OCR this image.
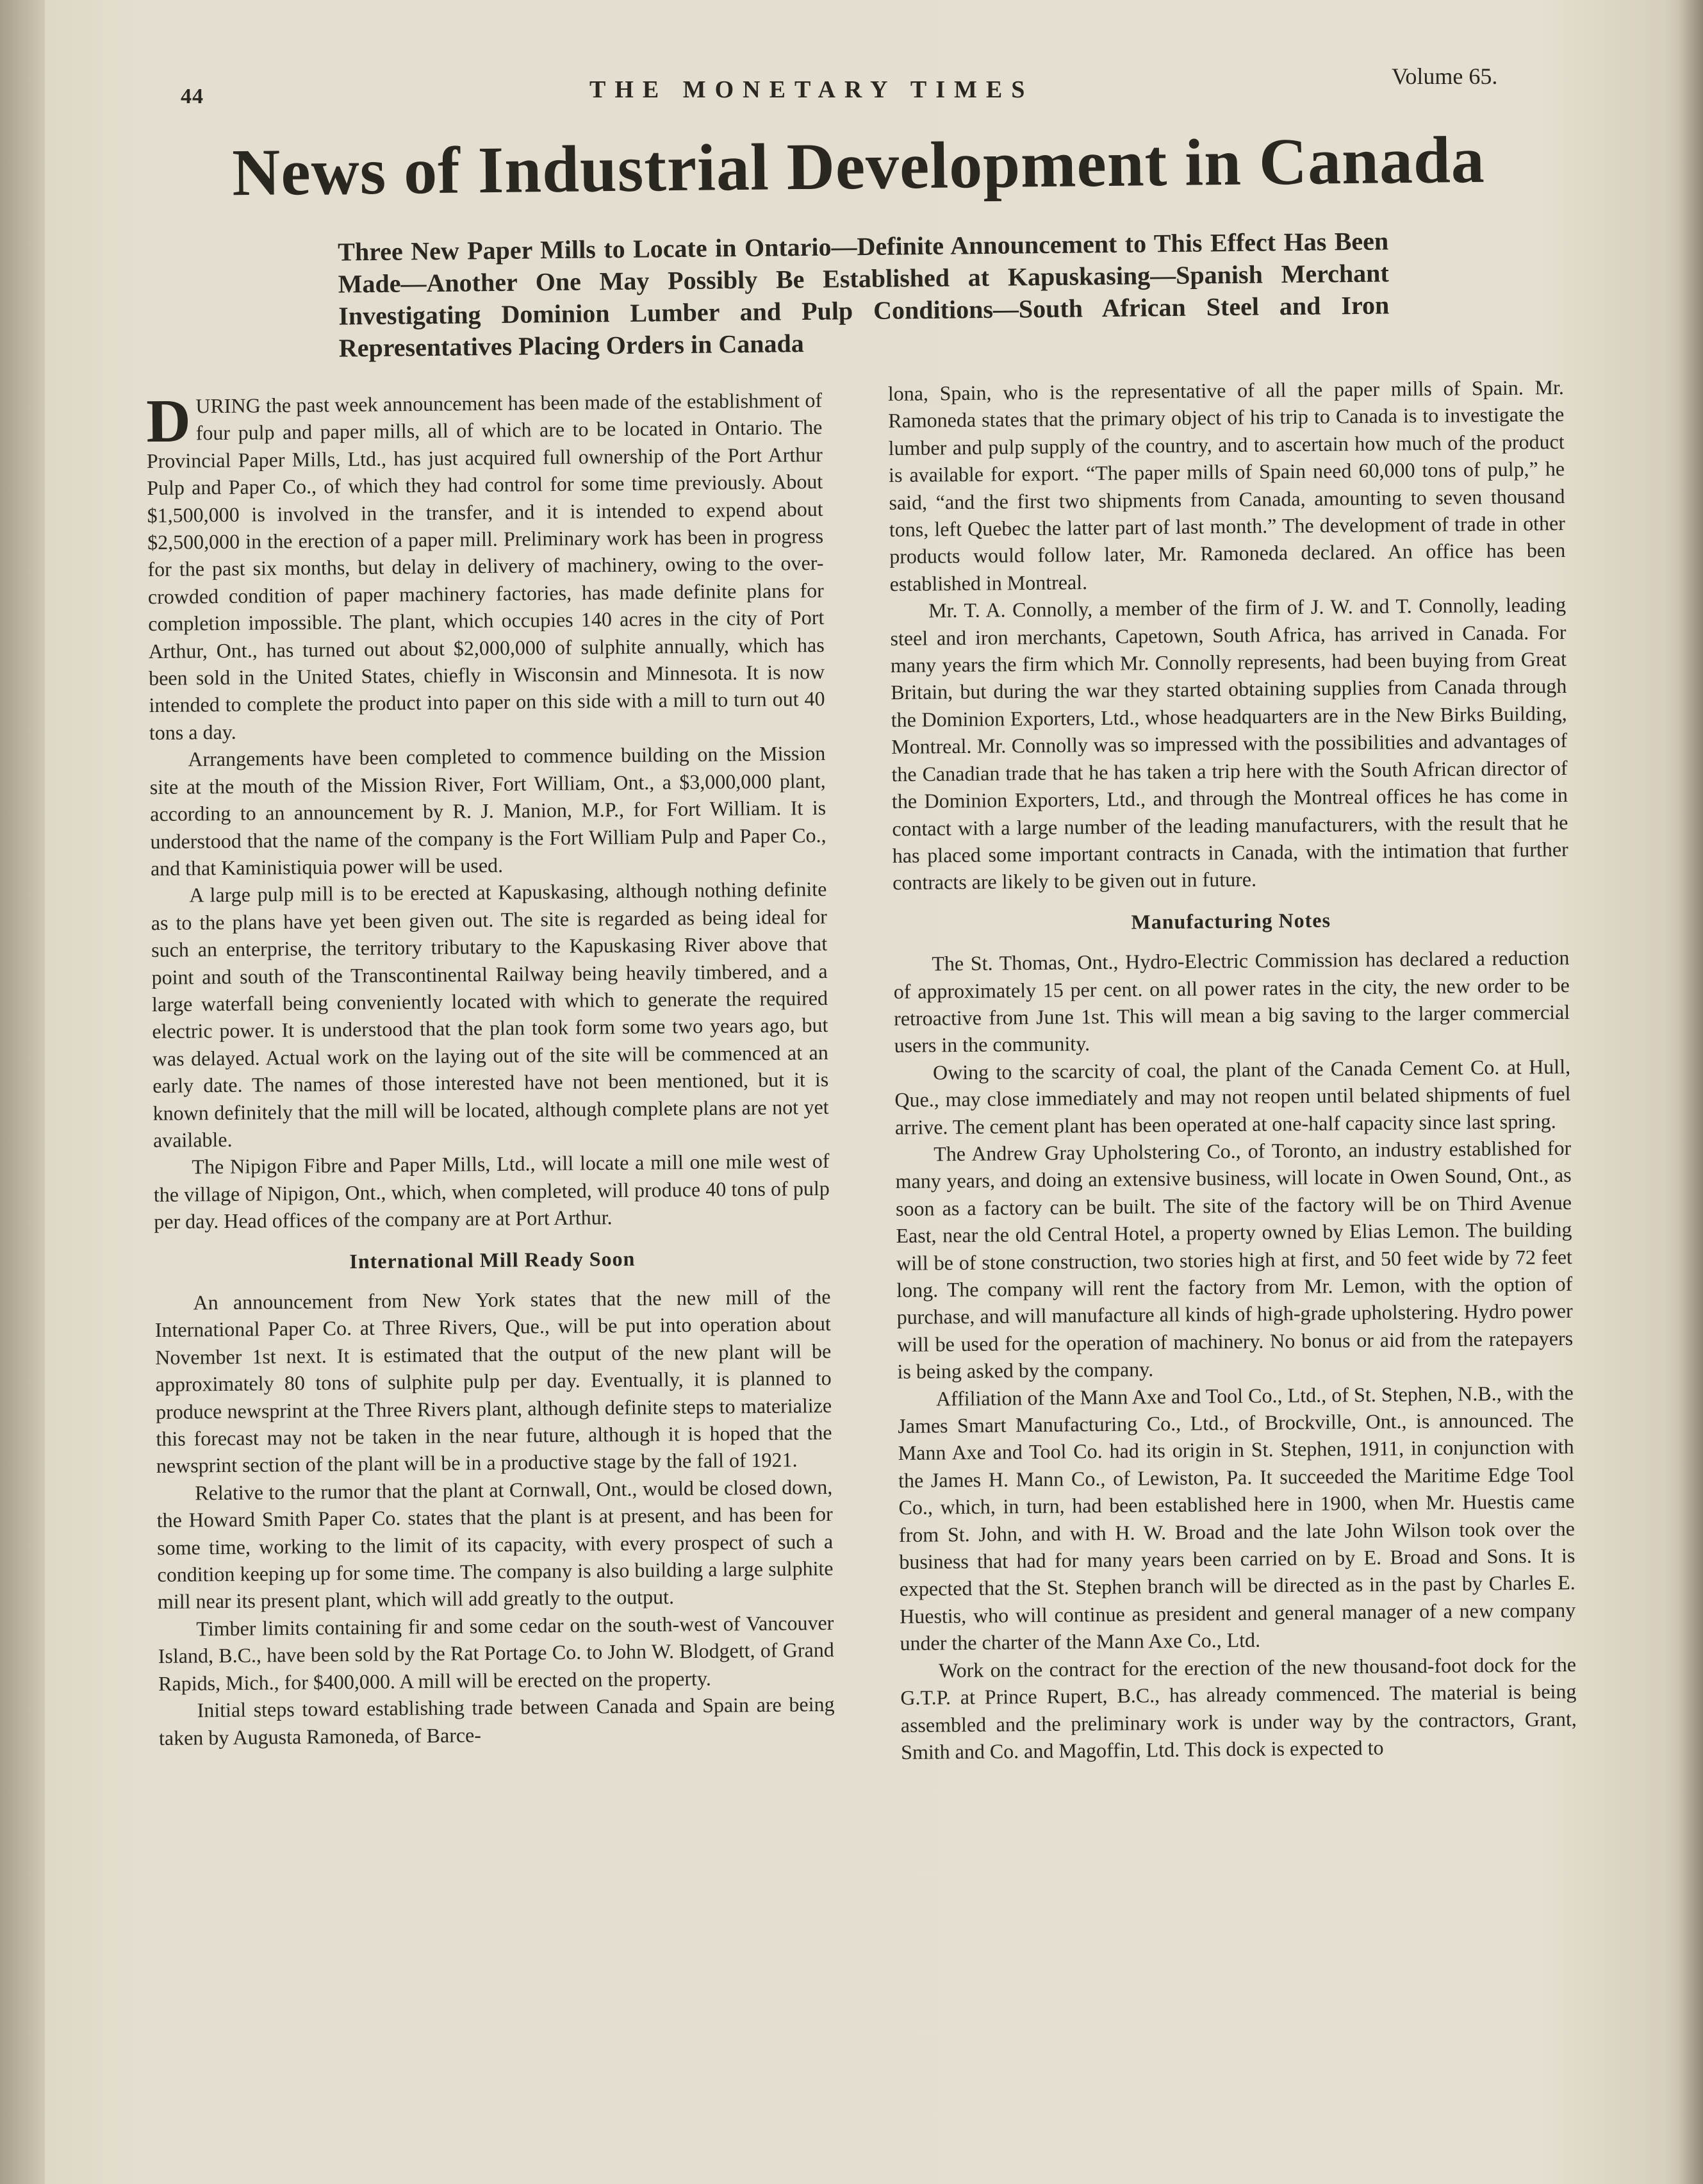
44	THE MONETARY TIMES	Volume 65.
News of Industrial Development in Canada

Three New Paper Mills to Locate in Ontario—Definite Announcement to This Effect Has Been Made—Another One May Possibly Be Established at Kapuskasing—Spanish Merchant Investigating Dominion Lumber and Pulp Conditions—South African Steel and Iron Representatives Placing Orders in Canada

DURING the past week announcement has been made of the establishment of four pulp and paper mills, all of which are to be located in Ontario. The Provincial Paper Mills, Ltd., has just acquired full ownership of the Port Arthur Pulp and Paper Co., of which they had control for some time previously. About $1,500,000 is involved in the transfer, and it is intended to expend about $2,500,000 in the erection of a paper mill. Preliminary work has been in progress for the past six months, but delay in delivery of machinery, owing to the over-crowded condition of paper machinery factories, has made definite plans for completion impossible. The plant, which occupies 140 acres in the city of Port Arthur, Ont., has turned out about $2,000,000 of sulphite annually, which has been sold in the United States, chiefly in Wisconsin and Minnesota. It is now intended to complete the product into paper on this side with a mill to turn out 40 tons a day.

Arrangements have been completed to commence building on the Mission site at the mouth of the Mission River, Fort William, Ont., a $3,000,000 plant, according to an announcement by R. J. Manion, M.P., for Fort William. It is understood that the name of the company is the Fort William Pulp and Paper Co., and that Kaministiquia power will be used.

A large pulp mill is to be erected at Kapuskasing, although nothing definite as to the plans have yet been given out. The site is regarded as being ideal for such an enterprise, the territory tributary to the Kapuskasing River above that point and south of the Transcontinental Railway being heavily timbered, and a large waterfall being conveniently located with which to generate the required electric power. It is understood that the plan took form some two years ago, but was delayed. Actual work on the laying out of the site will be commenced at an early date. The names of those interested have not been mentioned, but it is known definitely that the mill will be located, although complete plans are not yet available.

The Nipigon Fibre and Paper Mills, Ltd., will locate a mill one mile west of the village of Nipigon, Ont., which, when completed, will produce 40 tons of pulp per day. Head offices of the company are at Port Arthur.

International Mill Ready Soon

An announcement from New York states that the new mill of the International Paper Co. at Three Rivers, Que., will be put into operation about November 1st next. It is estimated that the output of the new plant will be approximately 80 tons of sulphite pulp per day. Eventually, it is planned to produce newsprint at the Three Rivers plant, although definite steps to materialize this forecast may not be taken in the near future, although it is hoped that the newsprint section of the plant will be in a productive stage by the fall of 1921.

Relative to the rumor that the plant at Cornwall, Ont., would be closed down, the Howard Smith Paper Co. states that the plant is at present, and has been for some time, working to the limit of its capacity, with every prospect of such a condition keeping up for some time. The company is also building a large sulphite mill near its present plant, which will add greatly to the output.

Timber limits containing fir and some cedar on the south-west of Vancouver Island, B.C., have been sold by the Rat Portage Co. to John W. Blodgett, of Grand Rapids, Mich., for $400,000. A mill will be erected on the property.

Initial steps toward establishing trade between Canada and Spain are being taken by Augusta Ramoneda, of Barce-

lona, Spain, who is the representative of all the paper mills of Spain. Mr. Ramoneda states that the primary object of his trip to Canada is to investigate the lumber and pulp supply of the country, and to ascertain how much of the product is available for export. “The paper mills of Spain need 60,000 tons of pulp,” he said, “and the first two shipments from Canada, amounting to seven thousand tons, left Quebec the latter part of last month.” The development of trade in other products would follow later, Mr. Ramoneda declared. An office has been established in Montreal.

Mr. T. A. Connolly, a member of the firm of J. W. and T. Connolly, leading steel and iron merchants, Capetown, South Africa, has arrived in Canada. For many years the firm which Mr. Connolly represents, had been buying from Great Britain, but during the war they started obtaining supplies from Canada through the Dominion Exporters, Ltd., whose headquarters are in the New Birks Building, Montreal. Mr. Connolly was so impressed with the possibilities and advantages of the Canadian trade that he has taken a trip here with the South African director of the Dominion Exporters, Ltd., and through the Montreal offices he has come in contact with a large number of the leading manufacturers, with the result that he has placed some important contracts in Canada, with the intimation that further contracts are likely to be given out in future.

Manufacturing Notes

The St. Thomas, Ont., Hydro-Electric Commission has declared a reduction of approximately 15 per cent. on all power rates in the city, the new order to be retroactive from June 1st. This will mean a big saving to the larger commercial users in the community.

Owing to the scarcity of coal, the plant of the Canada Cement Co. at Hull, Que., may close immediately and may not reopen until belated shipments of fuel arrive. The cement plant has been operated at one-half capacity since last spring.

The Andrew Gray Upholstering Co., of Toronto, an industry established for many years, and doing an extensive business, will locate in Owen Sound, Ont., as soon as a factory can be built. The site of the factory will be on Third Avenue East, near the old Central Hotel, a property owned by Elias Lemon. The building will be of stone construction, two stories high at first, and 50 feet wide by 72 feet long. The company will rent the factory from Mr. Lemon, with the option of purchase, and will manufacture all kinds of high-grade upholstering. Hydro power will be used for the operation of machinery. No bonus or aid from the ratepayers is being asked by the company.

Affiliation of the Mann Axe and Tool Co., Ltd., of St. Stephen, N.B., with the James Smart Manufacturing Co., Ltd., of Brockville, Ont., is announced. The Mann Axe and Tool Co. had its origin in St. Stephen, 1911, in conjunction with the James H. Mann Co., of Lewiston, Pa. It succeeded the Maritime Edge Tool Co., which, in turn, had been established here in 1900, when Mr. Huestis came from St. John, and with H. W. Broad and the late John Wilson took over the business that had for many years been carried on by E. Broad and Sons. It is expected that the St. Stephen branch will be directed as in the past by Charles E. Huestis, who will continue as president and general manager of a new company under the charter of the Mann Axe Co., Ltd.

Work on the contract for the erection of the new thousand-foot dock for the G.T.P. at Prince Rupert, B.C., has already commenced. The material is being assembled and the preliminary work is under way by the contractors, Grant, Smith and Co. and Magoffin, Ltd. This dock is expected to
